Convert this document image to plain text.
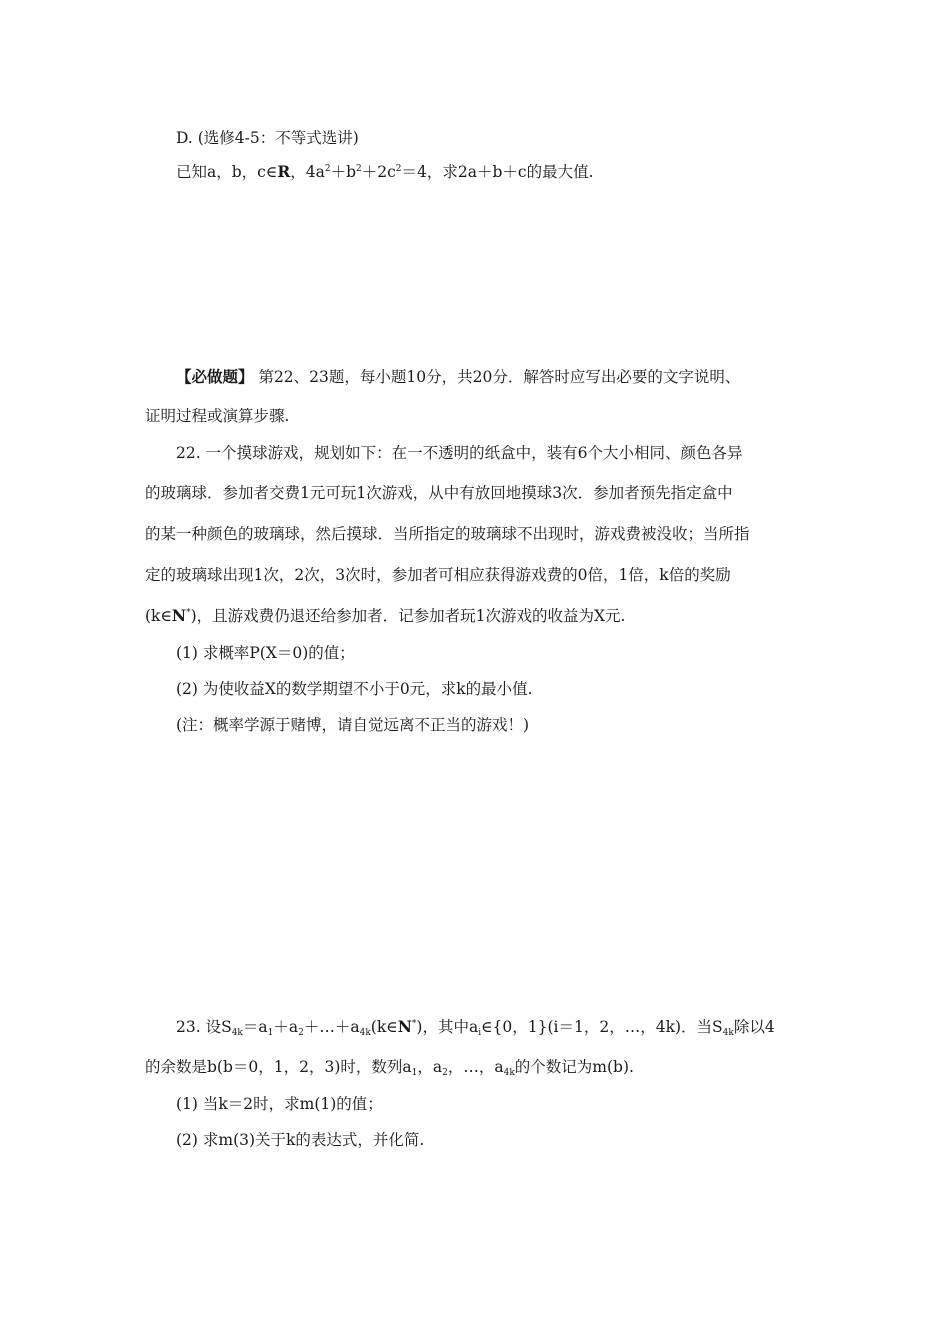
D. (选修4-5：不等式选讲)
已知a，b，c∈R，$4a^2+b^2+2c^2=4$，求2a＋b＋c的最大值.
【必做题】 第22、23题，每小题10分，共20分．解答时应写出必要的文字说明、
证明过程或演算步骤.
22. 一个摸球游戏，规划如下：在一不透明的纸盒中，装有6个大小相同、颜色各异
的玻璃球．参加者交费1元可玩1次游戏，从中有放回地摸球3次．参加者预先指定盒中
的某一种颜色的玻璃球，然后摸球．当所指定的玻璃球不出现时，游戏费被没收；当所指
定的玻璃球出现1次，2次，3次时，参加者可相应获得游戏费的0倍，1倍，k倍的奖励
(k∈N*)，且游戏费仍退还给参加者．记参加者玩1次游戏的收益为X元.
(1) 求概率P(X＝0)的值；
(2) 为使收益X的数学期望不小于0元，求k的最小值.
(注：概率学源于赌博，请自觉远离不正当的游戏！)
23. 设$S_{4k}=a_1+a_2+\dots+a_{4k}(k\in N^*)$，其中$a_i\in\{0$，1}(i＝1，2，…，4k)．当$S_{4k}$除以4
的余数是b(b＝0，1，2，3)时，数列$a_1$，$a_2$，…，$a_{4k}$的个数记为m(b).
(1) 当k＝2时，求m(1)的值；
(2) 求m(3)关于k的表达式，并化简.
